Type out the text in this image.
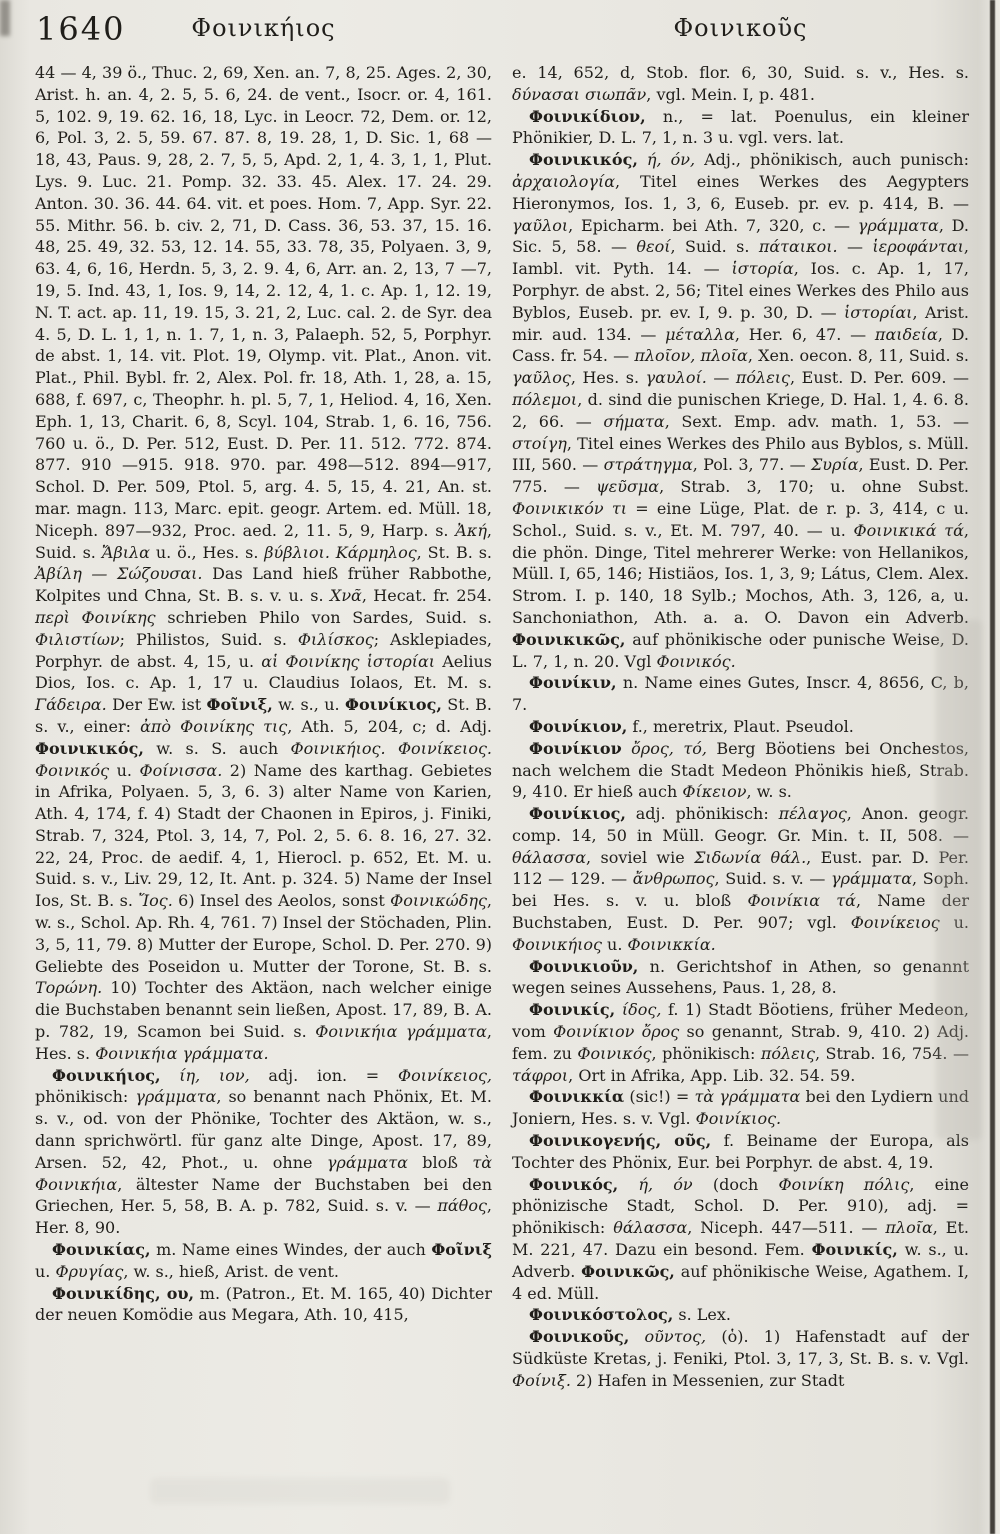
1640	Φοινικήιος	Φοινικοῦς

44 — 4, 39 ö., Thuc. 2, 69, Xen. an. 7, 8, 25. Ages. 2, 30, Arist. h. an. 4, 2. 5, 5. 6, 24. de vent., Isocr. or. 4, 161. 5, 102. 9, 19. 62. 16, 18, Lyc. in Leocr. 72, Dem. or. 12, 6, Pol. 3, 2. 5, 59. 67. 87. 8, 19. 28, 1, D. Sic. 1, 68 — 18, 43, Paus. 9, 28, 2. 7, 5, 5, Apd. 2, 1, 4. 3, 1, 1, Plut. Lys. 9. Luc. 21. Pomp. 32. 33. 45. Alex. 17. 24. 29. Anton. 30. 36. 44. 64. vit. et poes. Hom. 7, App. Syr. 22. 55. Mithr. 56. b. civ. 2, 71, D. Cass. 36, 53. 37, 15. 16. 48, 25. 49, 32. 53, 12. 14. 55, 33. 78, 35, Polyaen. 3, 9, 63. 4, 6, 16, Herdn. 5, 3, 2. 9. 4, 6, Arr. an. 2, 13, 7 —7, 19, 5. Ind. 43, 1, Ios. 9, 14, 2. 12, 4, 1. c. Ap. 1, 12. 19, N. T. act. ap. 11, 19. 15, 3. 21, 2, Luc. cal. 2. de Syr. dea 4. 5, D. L. 1, 1, n. 1. 7, 1, n. 3, Palaeph. 52, 5, Porphyr. de abst. 1, 14. vit. Plot. 19, Olymp. vit. Plat., Anon. vit. Plat., Phil. Bybl. fr. 2, Alex. Pol. fr. 18, Ath. 1, 28, a. 15, 688, f. 697, c, Theophr. h. pl. 5, 7, 1, Heliod. 4, 16, Xen. Eph. 1, 13, Charit. 6, 8, Scyl. 104, Strab. 1, 6. 16, 756. 760 u. ö., D. Per. 512, Eust. D. Per. 11. 512. 772. 874. 877. 910 —915. 918. 970. par. 498—512. 894—917, Schol. D. Per. 509, Ptol. 5, arg. 4. 5, 15, 4. 21, An. st. mar. magn. 113, Marc. epit. geogr. Artem. ed. Müll. 18, Niceph. 897—932, Proc. aed. 2, 11. 5, 9, Harp. s. Ἀκή, Suid. s. Ἄβιλα u. ö., Hes. s. βύβλιοι. Κάρμηλος, St. B. s. Ἀβίλη — Σώζουσαι. Das Land hieß früher Rabbothe, Kolpites und Chna, St. B. s. v. u. s. Χνᾶ, Hecat. fr. 254. περὶ Φοινίκης schrieben Philo von Sardes, Suid. s. Φιλιστίων; Philistos, Suid. s. Φιλίσκος; Asklepiades, Porphyr. de abst. 4, 15, u. αἱ Φοινίκης ἱστορίαι Aelius Dios, Ios. c. Ap. 1, 17 u. Claudius Iolaos, Et. M. s. Γάδειρα. Der Ew. ist Φοῖνιξ, w. s., u. Φοινίκιος, St. B. s. v., einer: ἀπὸ Φοινίκης τις, Ath. 5, 204, c; d. Adj. Φοινικικός, w. s. S. auch Φοινικήιος. Φοινίκειος. Φοινικός u. Φοίνισσα. 2) Name des karthag. Gebietes in Afrika, Polyaen. 5, 3, 6. 3) alter Name von Karien, Ath. 4, 174, f. 4) Stadt der Chaonen in Epiros, j. Finiki, Strab. 7, 324, Ptol. 3, 14, 7, Pol. 2, 5. 6. 8. 16, 27. 32. 22, 24, Proc. de aedif. 4, 1, Hierocl. p. 652, Et. M. u. Suid. s. v., Liv. 29, 12, It. Ant. p. 324. 5) Name der Insel Ios, St. B. s. Ἴος. 6) Insel des Aeolos, sonst Φοινικώδης, w. s., Schol. Ap. Rh. 4, 761. 7) Insel der Stöchaden, Plin. 3, 5, 11, 79. 8) Mutter der Europe, Schol. D. Per. 270. 9) Geliebte des Poseidon u. Mutter der Torone, St. B. s. Τορώνη. 10) Tochter des Aktäon, nach welcher einige die Buchstaben benannt sein ließen, Apost. 17, 89, B. A. p. 782, 19, Scamon bei Suid. s. Φοινικήια γράμματα, Hes. s. Φοινικήια γράμματα.

Φοινικήιος, ίη, ιον, adj. ion. = Φοινίκειος, phönikisch: γράμματα, so benannt nach Phönix, Et. M. s. v., od. von der Phönike, Tochter des Aktäon, w. s., dann sprichwörtl. für ganz alte Dinge, Apost. 17, 89, Arsen. 52, 42, Phot., u. ohne γράμματα bloß τὰ Φοινικήια, ältester Name der Buchstaben bei den Griechen, Her. 5, 58, B. A. p. 782, Suid. s. v. — πάθος, Her. 8, 90.

Φοινικίας, m. Name eines Windes, der auch Φοῖνιξ u. Φρυγίας, w. s., hieß, Arist. de vent.

Φοινικίδης, ου, m. (Patron., Et. M. 165, 40) Dichter der neuen Komödie aus Megara, Ath. 10, 415,

e. 14, 652, d, Stob. flor. 6, 30, Suid. s. v., Hes. s. δύνασαι σιωπᾶν, vgl. Mein. I, p. 481.

Φοινικίδιον, n., = lat. Poenulus, ein kleiner Phönikier, D. L. 7, 1, n. 3 u. vgl. vers. lat.

Φοινικικός, ή, όν, Adj., phönikisch, auch punisch: ἀρχαιολογία, Titel eines Werkes des Aegypters Hieronymos, Ios. 1, 3, 6, Euseb. pr. ev. p. 414, B. — γαῦλοι, Epicharm. bei Ath. 7, 320, c. — γράμματα, D. Sic. 5, 58. — θεοί, Suid. s. πάταικοι. — ἱεροφάνται, Iambl. vit. Pyth. 14. — ἱστορία, Ios. c. Ap. 1, 17, Porphyr. de abst. 2, 56; Titel eines Werkes des Philo aus Byblos, Euseb. pr. ev. I, 9. p. 30, D. — ἱστορίαι, Arist. mir. aud. 134. — μέταλλα, Her. 6, 47. — παιδεία, D. Cass. fr. 54. — πλοῖον, πλοῖα, Xen. oecon. 8, 11, Suid. s. γαῦλος, Hes. s. γαυλοί. — πόλεις, Eust. D. Per. 609. — πόλεμοι, d. sind die punischen Kriege, D. Hal. 1, 4. 6. 8. 2, 66. — σήματα, Sext. Emp. adv. math. 1, 53. — στοίγη, Titel eines Werkes des Philo aus Byblos, s. Müll. III, 560. — στράτηγμα, Pol. 3, 77. — Συρία, Eust. D. Per. 775. — ψεῦσμα, Strab. 3, 170; u. ohne Subst. Φοινικικόν τι = eine Lüge, Plat. de r. p. 3, 414, c u. Schol., Suid. s. v., Et. M. 797, 40. — u. Φοινικικά τά, die phön. Dinge, Titel mehrerer Werke: von Hellanikos, Müll. I, 65, 146; Histiäos, Ios. 1, 3, 9; Látus, Clem. Alex. Strom. I. p. 140, 18 Sylb.; Mochos, Ath. 3, 126, a, u. Sanchoniathon, Ath. a. a. O. Davon ein Adverb. Φοινικικῶς, auf phönikische oder punische Weise, D. L. 7, 1, n. 20. Vgl Φοινικός.

Φοινίκιν, n. Name eines Gutes, Inscr. 4, 8656, C, b, 7.

Φοινίκιον, f., meretrix, Plaut. Pseudol.

Φοινίκιον ὄρος, τό, Berg Böotiens bei Onchestos, nach welchem die Stadt Medeon Phönikis hieß, Strab. 9, 410. Er hieß auch Φίκειον, w. s.

Φοινίκιος, adj. phönikisch: πέλαγος, Anon. geogr. comp. 14, 50 in Müll. Geogr. Gr. Min. t. II, 508. — θάλασσα, soviel wie Σιδωνία θάλ., Eust. par. D. Per. 112 — 129. — ἄνθρωπος, Suid. s. v. — γράμματα, Soph. bei Hes. s. v. u. bloß Φοινίκια τά, Name der Buchstaben, Eust. D. Per. 907; vgl. Φοινίκειος u. Φοινικήιος u. Φοινικκία.

Φοινικιοῦν, n. Gerichtshof in Athen, so genannt wegen seines Aussehens, Paus. 1, 28, 8.

Φοινικίς, ίδος, f. 1) Stadt Böotiens, früher Medeon, vom Φοινίκιον ὄρος so genannt, Strab. 9, 410. 2) Adj. fem. zu Φοινικός, phönikisch: πόλεις, Strab. 16, 754. — τάφροι, Ort in Afrika, App. Lib. 32. 54. 59.

Φοινικκία (sic!) = τὰ γράμματα bei den Lydiern und Joniern, Hes. s. v. Vgl. Φοινίκιος.

Φοινικογενής, οῦς, f. Beiname der Europa, als Tochter des Phönix, Eur. bei Porphyr. de abst. 4, 19.

Φοινικός, ή, όν (doch Φοινίκη πόλις, eine phönizische Stadt, Schol. D. Per. 910), adj. = phönikisch: θάλασσα, Niceph. 447—511. — πλοῖα, Et. M. 221, 47. Dazu ein besond. Fem. Φοινικίς, w. s., u. Adverb. Φοινικῶς, auf phönikische Weise, Agathem. I, 4 ed. Müll.

Φοινικόστολος, s. Lex.

Φοινικοῦς, οῦντος, (ὁ). 1) Hafenstadt auf der Südküste Kretas, j. Feniki, Ptol. 3, 17, 3, St. B. s. v. Vgl. Φοίνιξ. 2) Hafen in Messenien, zur Stadt
